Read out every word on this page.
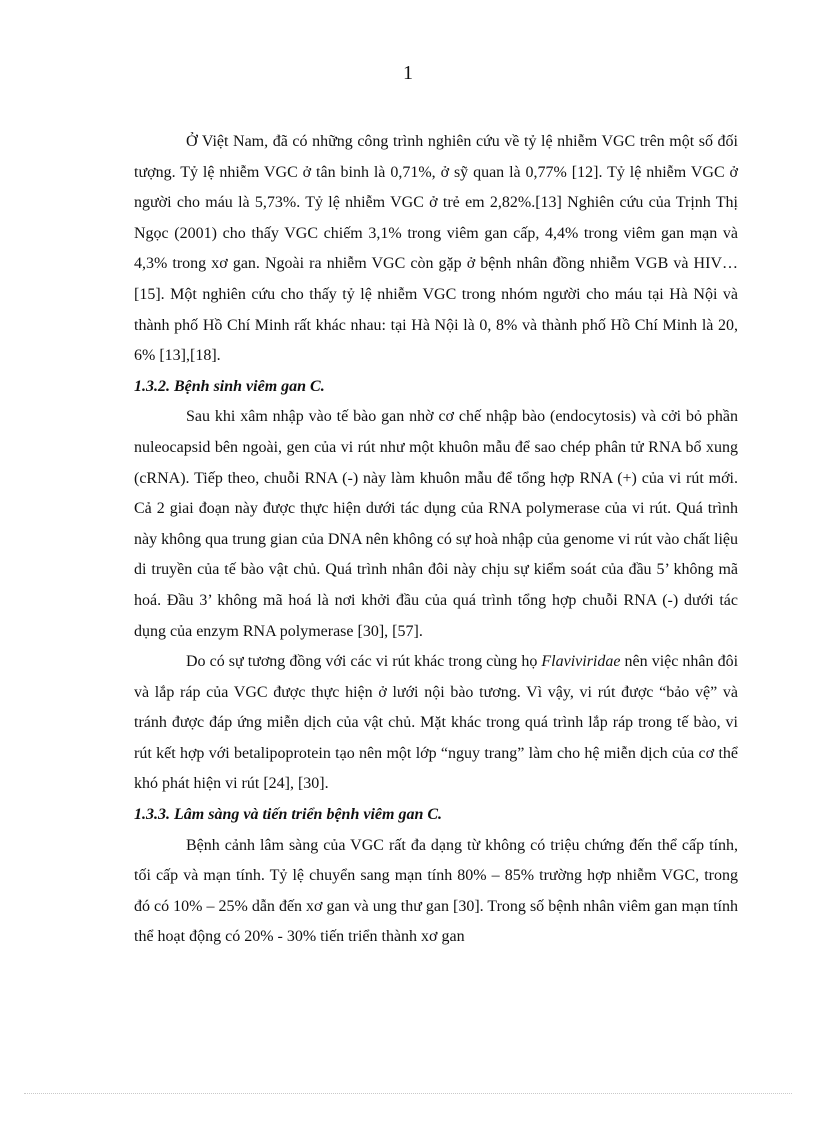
1

Ở Việt Nam, đã có những công trình nghiên cứu về tỷ lệ nhiễm VGC trên một số đối tượng. Tỷ lệ nhiễm VGC ở tân binh là 0,71%, ở sỹ quan là 0,77% [12]. Tỷ lệ nhiễm VGC ở người cho máu là 5,73%. Tỷ lệ nhiễm VGC ở trẻ em 2,82%.[13] Nghiên cứu của Trịnh Thị Ngọc (2001) cho thấy VGC chiếm 3,1% trong viêm gan cấp, 4,4% trong viêm gan mạn và 4,3% trong xơ gan. Ngoài ra nhiễm VGC còn gặp ở bệnh nhân đồng nhiễm VGB và HIV…[15]. Một nghiên cứu cho thấy tỷ lệ nhiễm VGC trong nhóm người cho máu tại Hà Nội và thành phố Hồ Chí Minh rất khác nhau: tại Hà Nội là 0, 8% và thành phố Hồ Chí Minh là 20, 6% [13],[18].

1.3.2. Bệnh sinh viêm gan C.

Sau khi xâm nhập vào tế bào gan nhờ cơ chế nhập bào (endocytosis) và cởi bỏ phần nuleocapsid bên ngoài, gen của vi rút như một khuôn mẫu để sao chép phân tử RNA bổ xung (cRNA). Tiếp theo, chuỗi RNA (-) này làm khuôn mẫu để tổng hợp RNA (+) của vi rút mới. Cả 2 giai đoạn này được thực hiện dưới tác dụng của RNA polymerase của vi rút. Quá trình này không qua trung gian của DNA nên không có sự hoà nhập của genome vi rút vào chất liệu di truyền của tế bào vật chủ. Quá trình nhân đôi này chịu sự kiểm soát của đầu 5’ không mã hoá. Đầu 3’ không mã hoá là nơi khởi đầu của quá trình tổng hợp chuỗi RNA (-) dưới tác dụng của enzym RNA polymerase [30], [57].

Do có sự tương đồng với các vi rút khác trong cùng họ Flaviviridae nên việc nhân đôi và lắp ráp của VGC được thực hiện ở lưới nội bào tương. Vì vậy, vi rút được “bảo vệ” và tránh được đáp ứng miễn dịch của vật chủ. Mặt khác trong quá trình lắp ráp trong tế bào, vi rút kết hợp với betalipoprotein tạo nên một lớp “nguy trang” làm cho hệ miễn dịch của cơ thể khó phát hiện vi rút [24], [30].

1.3.3. Lâm sàng và tiến triển bệnh viêm gan C.

Bệnh cảnh lâm sàng của VGC rất đa dạng từ không có triệu chứng đến thể cấp tính, tối cấp và mạn tính. Tỷ lệ chuyển sang mạn tính 80% – 85% trường hợp nhiễm VGC, trong đó có 10% – 25% dẫn đến xơ gan và ung thư gan [30]. Trong số bệnh nhân viêm gan mạn tính thể hoạt động có 20% - 30% tiến triển thành xơ gan
